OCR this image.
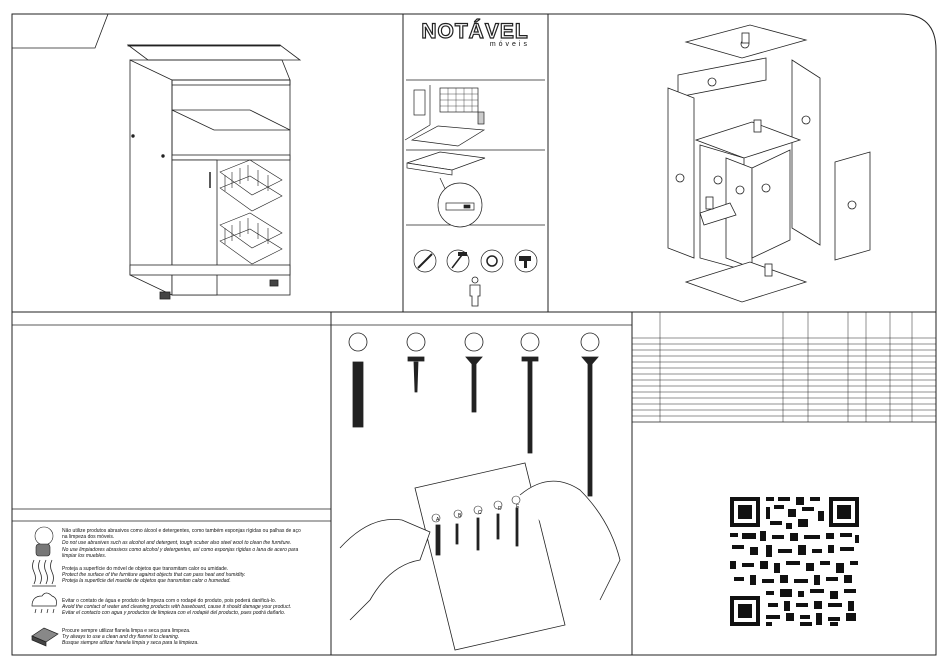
NOTÁVEL
móveis
Não utilize produtos abrasivos como álcool e detergentes, como também esponjas rígidas ou palhas de aço
na limpeza dos móveis.
Do not use abrasives such as alcohol and detergent, tough scuber also steel wool to clean the furniture.
No use limpiadores abrasivos como alcohol y detergentes, así como esponjas rígidas o lana de acero para
limpiar los muebles.
Proteja a superfície do móvel de objetos que transmitam calor ou umidade.
Protect the surface of the furniture against objects that can pass heat and humidity.
Proteja la superficie del mueble de objetos que transmitan calor o humedad.
Evitar o contato de água e produto de limpeza com o rodapé do produto, pois poderá danificá-lo.
Avoid the contact of water and cleaning products with baseboard, cause it should damage your product.
Evitar el contacto con agua y productos de limpieza con el rodapié del producto, pues podrá dañarlo.
Procure sempre utilizar flanela limpa e seca para limpeza.
Try always to use a clean and dry flannel to cleaning.
Busque siempre utilizar franela limpia y seca para la limpieza.
A
B	C
D	E
